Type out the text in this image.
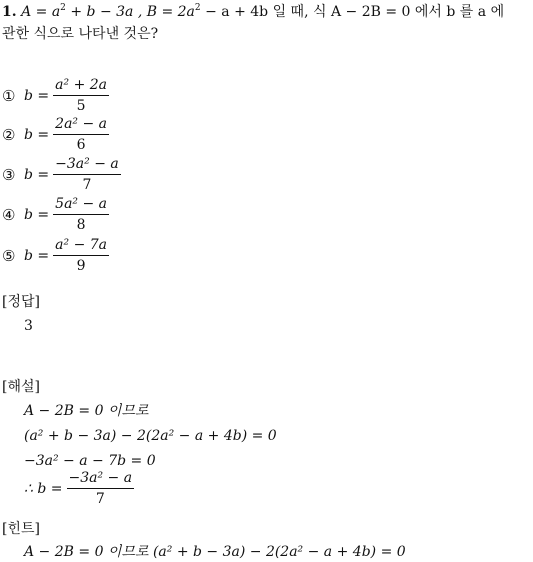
1. $A = a^2 + b - 3a$ , $B = 2a^2 - a + 4b$ 일 때, 식 A − 2B = 0 에서 b 를 a 에
관한 식으로 나타낸 것은?
① $b = \frac{\text{a² + 2a}}{5}$
② $b = \frac{\text{2a² − a}}{6}$
③ $b = \frac{\text{−3a² − a}}{7}$
④ $b = \frac{\text{5a² − a}}{8}$
⑤ $b = \frac{\text{a² − 7a}}{9}$
[정답]
3
[해설]
A − 2B = 0 이므로
(a² + b − 3a) − 2(2a² − a + 4b) = 0
−3a² − a − 7b = 0
∴ $b = \frac{\text{−3a² − a}}{7}$
[힌트]
A − 2B = 0 이므로 (a² + b − 3a) − 2(2a² − a + 4b) = 0
